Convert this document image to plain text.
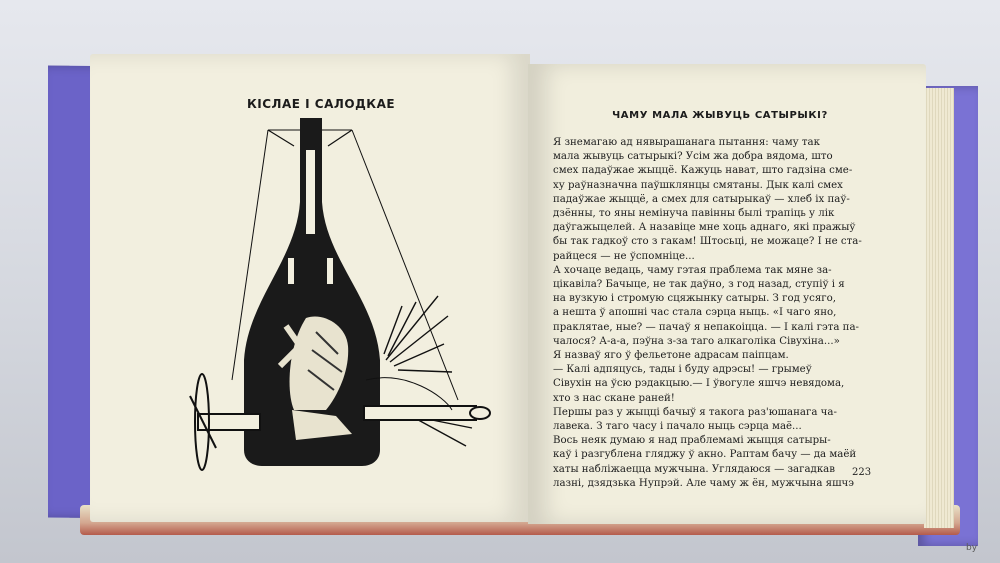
КІСЛАЕ І САЛОДКАЕ
ЧАМУ МАЛА ЖЫВУЦЬ САТЫРЫКІ?
Я знемагаю ад нявырашанага пытання: чаму так
мала жывуць сатырыкі? Усім жа добра вядома, што
смех падаўжае жыццё. Кажуць нават, што гадзіна сме-
ху раўназначна паўшклянцы смятаны. Дык калі смех
падаўжае жыццё, а смех для сатырыкаў — хлеб іх паў-
дзённы, то яны немінуча павінны былі трапіць у лік
даўгажыцелей. А назавіце мне хоць аднаго, які пражыў
бы так гадкоў сто з гакам! Штосьці, не можаце? І не ста-
райцеся — не ўспомніце...
А хочаце ведаць, чаму гэтая праблема так мяне за-
цікавіла? Бачыце, не так даўно, з год назад, ступіў і я
на вузкую і стромую сцяжынку сатыры. З год усяго,
а нешта ў апошні час стала сэрца ныць. «І чаго яно,
праклятае, ные? — пачаў я непакоіцца. — І калі гэта па-
чалося? А-а-а, пэўна з-за таго алкаголіка Сівухіна...»
Я назваў яго ў фельетоне адрасам паіпцам.
— Калі адпяцусь, тады і буду адрэсы! — грымеў
Сівухін на ўсю рэдакцыю.— І ўвогуле яшчэ невядома,
хто з нас скане раней!
Першы раз у жыцці бачыў я такога раз'юшанага ча-
лавека. З таго часу і пачало ныць сэрца маё...
Вось неяк думаю я над праблемамі жыцця сатыры-
каў і разгублена гляджу ў акно. Раптам бачу — да маёй
хаты набліжаецца мужчына. Углядаюся — загадкав
лазні, дзядзька Нупрэй. Але чаму ж ён, мужчына яшчэ
223
by
